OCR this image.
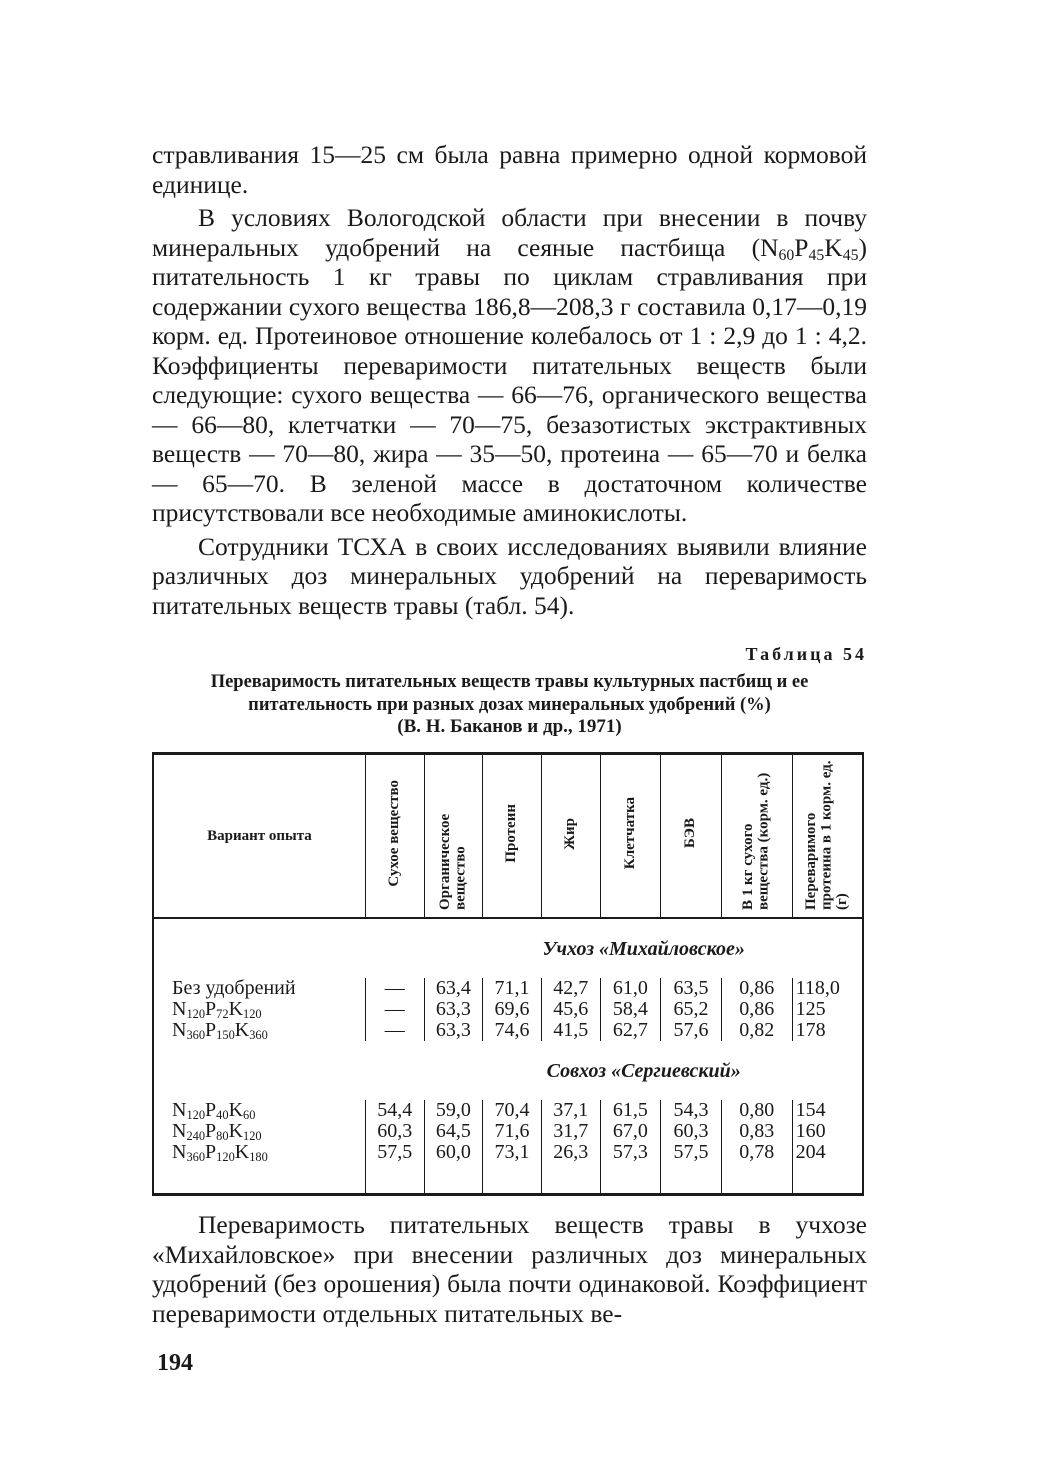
стравливания 15—25 см была равна примерно одной кормовой единице.

В условиях Вологодской области при внесении в почву минеральных удобрений на сеяные пастбища $(N_{60}P_{45}K_{45})$ питательность 1 кг травы по циклам стравливания при содержании сухого вещества 186,8—208,3 г составила 0,17—0,19 корм. ед. Протеиновое отношение колебалось от 1 : 2,9 до 1 : 4,2. Коэффициенты переваримости питательных веществ были следующие: сухого вещества — 66—76, органического вещества — 66—80, клетчатки — 70—75, безазотистых экстрактивных веществ — 70—80, жира — 35—50, протеина — 65—70 и белка — 65—70. В зеленой массе в достаточном количестве присутствовали все необходимые аминокислоты.

Сотрудники ТСХА в своих исследованиях выявили влияние различных доз минеральных удобрений на переваримость питательных веществ травы (табл. 54).

Таблица 54
Переваримость питательных веществ травы культурных пастбищ и ее питательность при разных дозах минеральных удобрений (%)
(В. Н. Баканов и др., 1971)
Вариант опыта	Сухое вещество	Органическое вещество	Протеин	Жир	Клетчатка	БЭВ	В 1 кг сухого вещества (корм. ед.)	Переваримого протеина в 1 корм. ед. (г)
	Учхоз «Михайловское»							
Без удобрений	—	63,4	71,1	42,7	61,0	63,5	0,86	118,0
$N_{120}P_{72}K_{120}$	—	63,3	69,6	45,6	58,4	65,2	0,86	125
$N_{360}P_{150}K_{360}$	—	63,3	74,6	41,5	62,7	57,6	0,82	178
	Совхоз «Сергиевский»							
$N_{120}P_{40}K_{60}$	54,4	59,0	70,4	37,1	61,5	54,3	0,80	154
$N_{240}P_{80}K_{120}$	60,3	64,5	71,6	31,7	67,0	60,3	0,83	160
$N_{360}P_{120}K_{180}$	57,5	60,0	73,1	26,3	57,3	57,5	0,78	204

Переваримость питательных веществ травы в учхозе «Михайловское» при внесении различных доз минеральных удобрений (без орошения) была почти одинаковой. Коэффициент переваримости отдельных питательных ве-

194
